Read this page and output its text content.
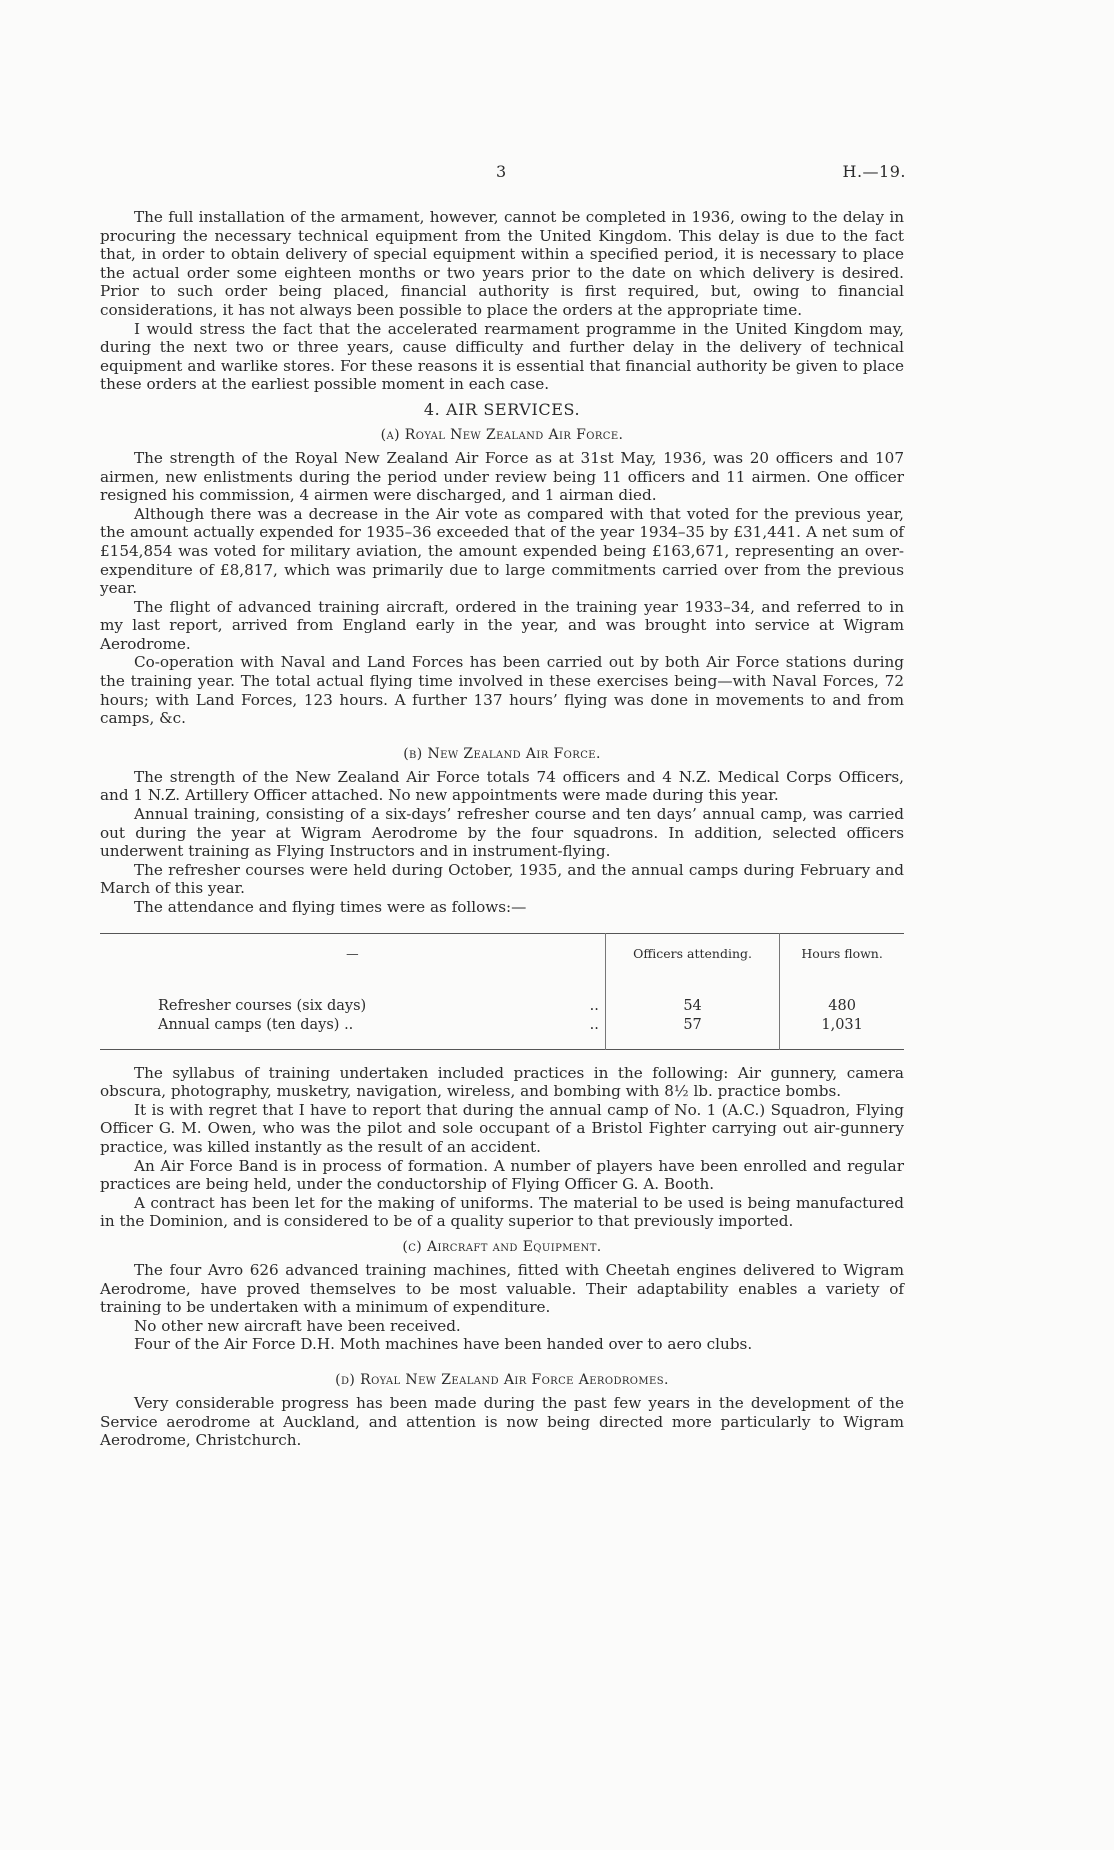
3	H.—19.

The full installation of the armament, however, cannot be completed in 1936, owing to the delay in procuring the necessary technical equipment from the United Kingdom. This delay is due to the fact that, in order to obtain delivery of special equipment within a specified period, it is necessary to place the actual order some eighteen months or two years prior to the date on which delivery is desired. Prior to such order being placed, financial authority is first required, but, owing to financial considerations, it has not always been possible to place the orders at the appropriate time.

I would stress the fact that the accelerated rearmament programme in the United Kingdom may, during the next two or three years, cause difficulty and further delay in the delivery of technical equipment and warlike stores. For these reasons it is essential that financial authority be given to place these orders at the earliest possible moment in each case.

4. AIR SERVICES.
(a) Royal New Zealand Air Force.

The strength of the Royal New Zealand Air Force as at 31st May, 1936, was 20 officers and 107 airmen, new enlistments during the period under review being 11 officers and 11 airmen. One officer resigned his commission, 4 airmen were discharged, and 1 airman died.

Although there was a decrease in the Air vote as compared with that voted for the previous year, the amount actually expended for 1935–36 exceeded that of the year 1934–35 by £31,441. A net sum of £154,854 was voted for military aviation, the amount expended being £163,671, representing an over-expenditure of £8,817, which was primarily due to large commitments carried over from the previous year.

The flight of advanced training aircraft, ordered in the training year 1933–34, and referred to in my last report, arrived from England early in the year, and was brought into service at Wigram Aerodrome.

Co-operation with Naval and Land Forces has been carried out by both Air Force stations during the training year. The total actual flying time involved in these exercises being—with Naval Forces, 72 hours; with Land Forces, 123 hours. A further 137 hours’ flying was done in movements to and from camps, &c.

(b) New Zealand Air Force.

The strength of the New Zealand Air Force totals 74 officers and 4 N.Z. Medical Corps Officers, and 1 N.Z. Artillery Officer attached. No new appointments were made during this year.

Annual training, consisting of a six-days’ refresher course and ten days’ annual camp, was carried out during the year at Wigram Aerodrome by the four squadrons. In addition, selected officers underwent training as Flying Instructors and in instrument-flying.

The refresher courses were held during October, 1935, and the annual camps during February and March of this year.

The attendance and flying times were as follows:—

—		Officers attending.	Hours flown.
Refresher courses (six days)	..	54	480
Annual camps (ten days) ..	..	57	1,031

The syllabus of training undertaken included practices in the following: Air gunnery, camera obscura, photography, musketry, navigation, wireless, and bombing with 8½ lb. practice bombs.

It is with regret that I have to report that during the annual camp of No. 1 (A.C.) Squadron, Flying Officer G. M. Owen, who was the pilot and sole occupant of a Bristol Fighter carrying out air-gunnery practice, was killed instantly as the result of an accident.

An Air Force Band is in process of formation. A number of players have been enrolled and regular practices are being held, under the conductorship of Flying Officer G. A. Booth.

A contract has been let for the making of uniforms. The material to be used is being manufactured in the Dominion, and is considered to be of a quality superior to that previously imported.

(c) Aircraft and Equipment.

The four Avro 626 advanced training machines, fitted with Cheetah engines delivered to Wigram Aerodrome, have proved themselves to be most valuable. Their adaptability enables a variety of training to be undertaken with a minimum of expenditure.

No other new aircraft have been received.

Four of the Air Force D.H. Moth machines have been handed over to aero clubs.

(d) Royal New Zealand Air Force Aerodromes.

Very considerable progress has been made during the past few years in the development of the Service aerodrome at Auckland, and attention is now being directed more particularly to Wigram Aerodrome, Christchurch.
